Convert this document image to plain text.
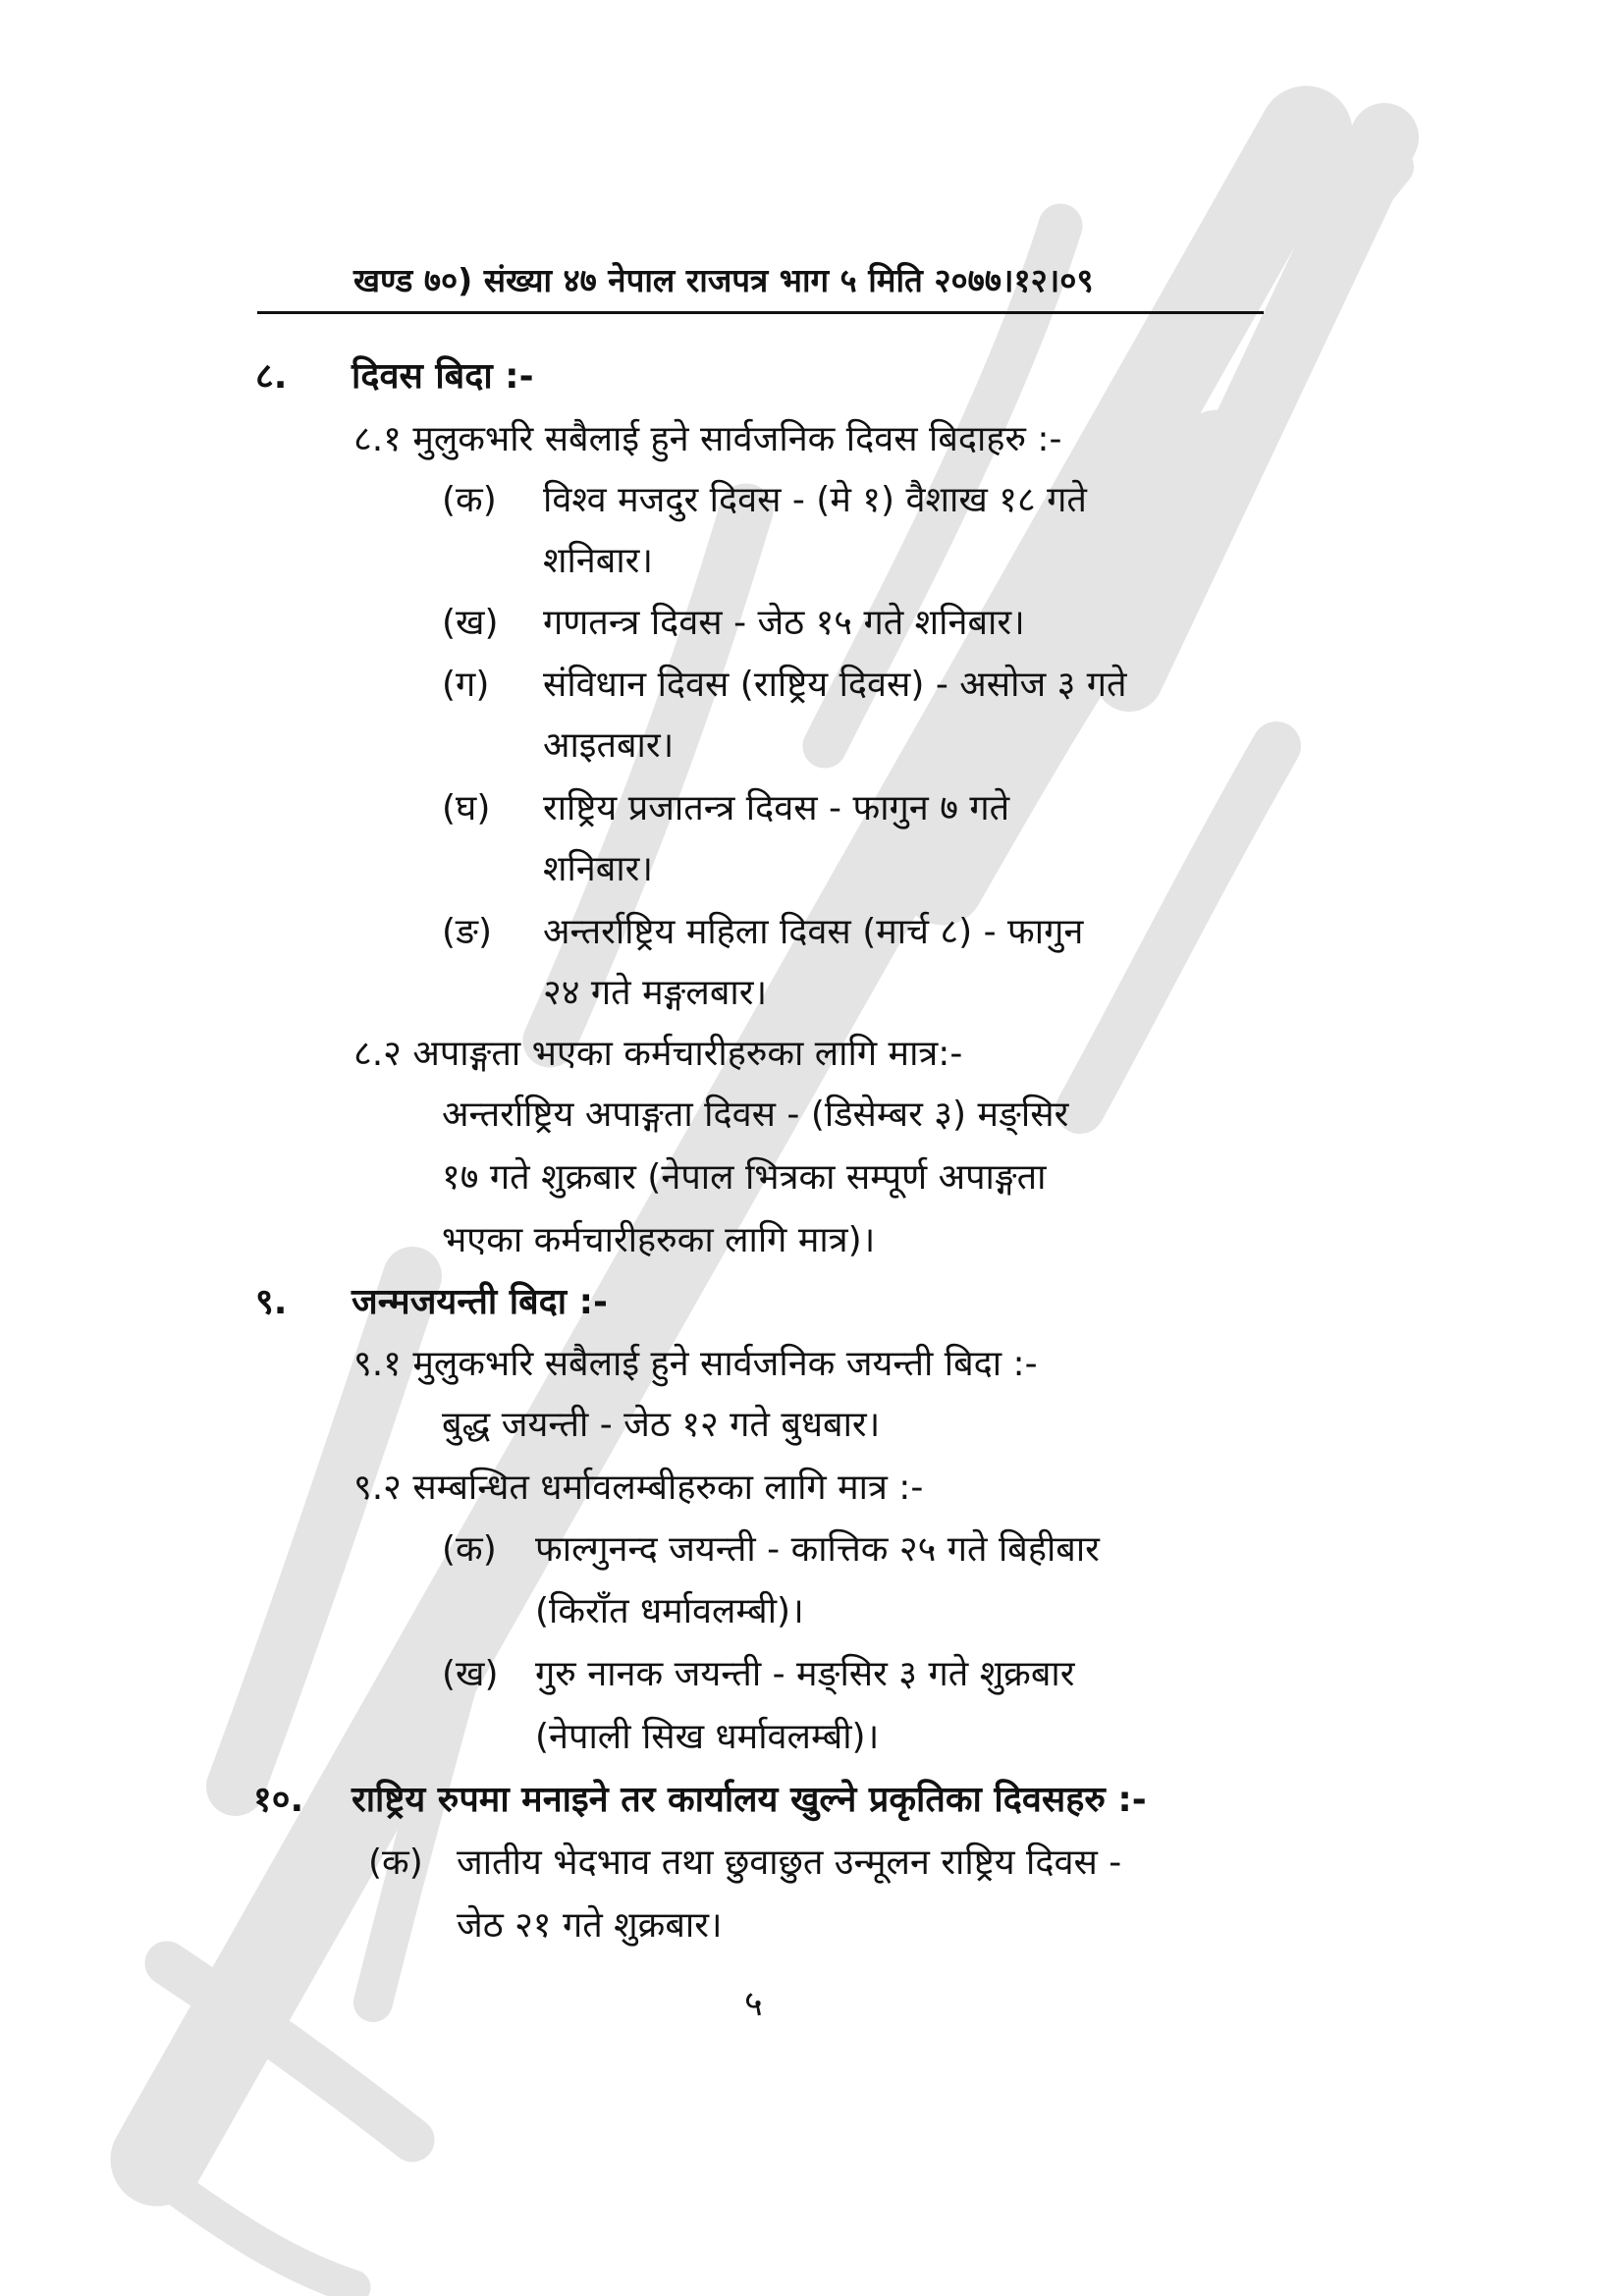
खण्ड ७०) संख्या ४७ नेपाल राजपत्र भाग ५ मिति २०७७।१२।०९
८. दिवस बिदा :-
८.१ मुलुकभरि सबैलाई हुने सार्वजनिक दिवस बिदाहरु :-
(क) विश्व मजदुर दिवस - (मे १) वैशाख १८ गते
शनिबार।
(ख) गणतन्त्र दिवस - जेठ १५ गते शनिबार।
(ग) संविधान दिवस (राष्ट्रिय दिवस) - असोज ३ गते
आइतबार।
(घ) राष्ट्रिय प्रजातन्त्र दिवस - फागुन ७ गते
शनिबार।
(ङ) अन्तर्राष्ट्रिय महिला दिवस (मार्च ८) - फागुन
२४ गते मङ्गलबार।
८.२ अपाङ्गता भएका कर्मचारीहरुका लागि मात्र:-
अन्तर्राष्ट्रिय अपाङ्गता दिवस - (डिसेम्बर ३) मङ्सिर
१७ गते शुक्रबार (नेपाल भित्रका सम्पूर्ण अपाङ्गता
भएका कर्मचारीहरुका लागि मात्र)।
९. जन्मजयन्ती बिदा :-
९.१ मुलुकभरि सबैलाई हुने सार्वजनिक जयन्ती बिदा :-
बुद्ध जयन्ती - जेठ १२ गते बुधबार।
९.२ सम्बन्धित धर्मावलम्बीहरुका लागि मात्र :-
(क) फाल्गुनन्द जयन्ती - कात्तिक २५ गते बिहीबार
(किराँत धर्मावलम्बी)।
(ख) गुरु नानक जयन्ती - मङ्सिर ३ गते शुक्रबार
(नेपाली सिख धर्मावलम्बी)।
१०. राष्ट्रिय रुपमा मनाइने तर कार्यालय खुल्ने प्रकृतिका दिवसहरु :-
(क) जातीय भेदभाव तथा छुवाछुत उन्मूलन राष्ट्रिय दिवस -
जेठ २१ गते शुक्रबार।
५
